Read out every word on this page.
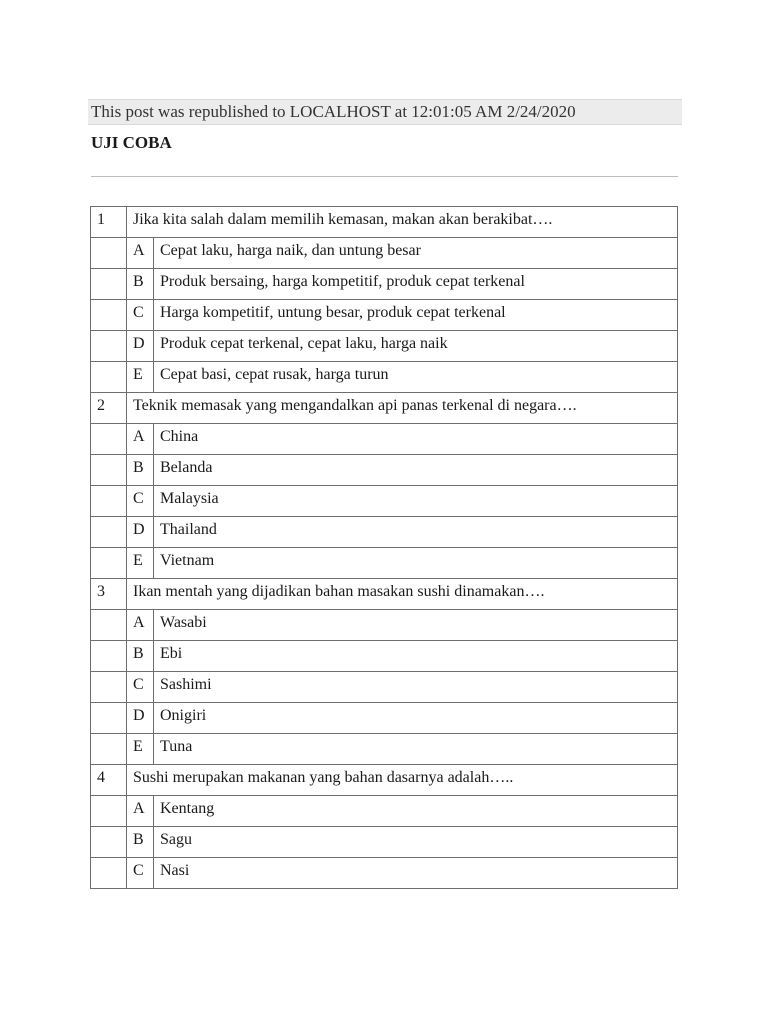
This post was republished to LOCALHOST at 12:01:05 AM 2/24/2020
UJI COBA
1	Jika kita salah dalam memilih kemasan, makan akan berakibat….	
	A	Cepat laku, harga naik, dan untung besar
	B	Produk bersaing, harga kompetitif, produk cepat terkenal
	C	Harga kompetitif, untung besar, produk cepat terkenal
	D	Produk cepat terkenal, cepat laku, harga naik
	E	Cepat basi, cepat rusak, harga turun
2	Teknik memasak yang mengandalkan api panas terkenal di negara….	
	A	China
	B	Belanda
	C	Malaysia
	D	Thailand
	E	Vietnam
3	Ikan mentah yang dijadikan bahan masakan sushi dinamakan….	
	A	Wasabi
	B	Ebi
	C	Sashimi
	D	Onigiri
	E	Tuna
4	Sushi merupakan makanan yang bahan dasarnya adalah…..	
	A	Kentang
	B	Sagu
	C	Nasi
